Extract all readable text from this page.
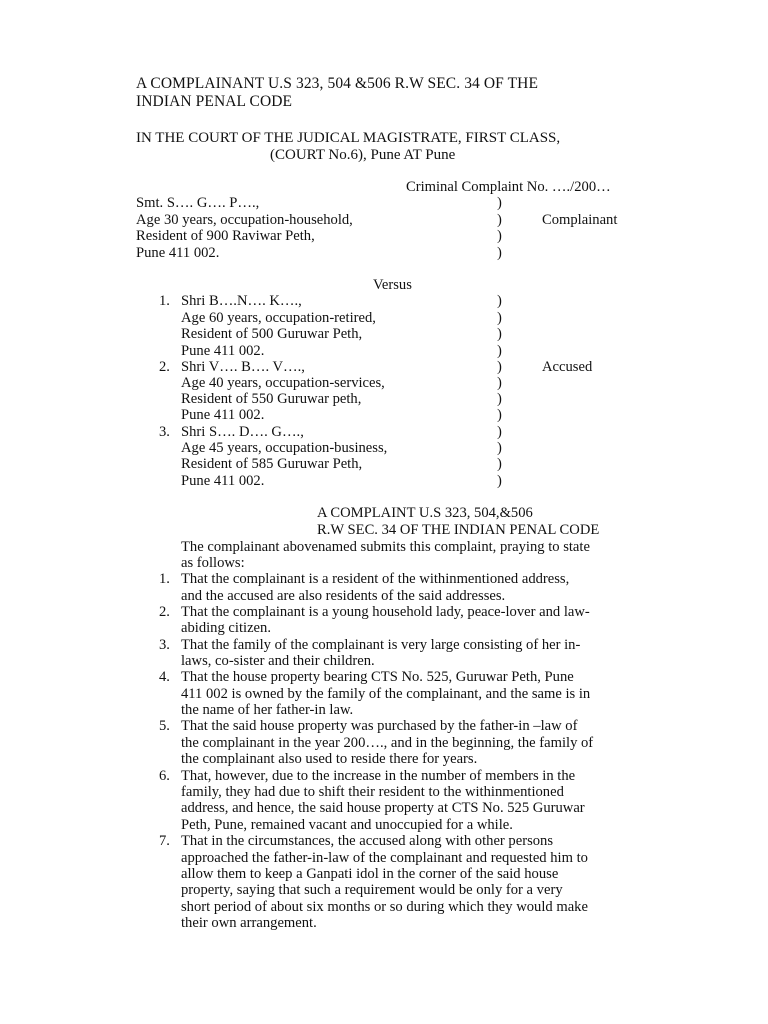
A COMPLAINANT U.S 323, 504 &506 R.W SEC. 34 OF THE
INDIAN PENAL CODE
IN THE COURT OF THE JUDICAL MAGISTRATE, FIRST CLASS,
(COURT No.6), Pune AT Pune
Criminal Complaint No. …./200…
Smt. S…. G…. P….,
Age 30 years, occupation-household,
Resident of 900 Raviwar Peth,
Pune 411 002.
)
)
)
)
Complainant
Versus
1. Shri B….N…. K….,
Age 60 years, occupation-retired,
Resident of 500 Guruwar Peth,
Pune 411 002.
2. Shri V…. B…. V….,
Age 40 years, occupation-services,
Resident of 550 Guruwar peth,
Pune 411 002.
3. Shri S…. D…. G….,
Age 45 years, occupation-business,
Resident of 585 Guruwar Peth,
Pune 411 002.
)
)
)
)
)
)
)
)
)
)
)
)
Accused
A COMPLAINT U.S 323, 504,&506
R.W SEC. 34 OF THE INDIAN PENAL CODE
The complainant abovenamed submits this complaint, praying to state
as follows:
1. That the complainant is a resident of the withinmentioned address,
and the accused are also residents of the said addresses.
2. That the complainant is a young household lady, peace-lover and law-
abiding citizen.
3. That the family of the complainant is very large consisting of her in-
laws, co-sister and their children.
4. That the house property bearing CTS No. 525, Guruwar Peth, Pune
411 002 is owned by the family of the complainant, and the same is in
the name of her father-in law.
5. That the said house property was purchased by the father-in –law of
the complainant in the year 200…., and in the beginning, the family of
the complainant also used to reside there for years.
6. That, however, due to the increase in the number of members in the
family, they had due to shift their resident to the withinmentioned
address, and hence, the said house property at CTS No. 525 Guruwar
Peth, Pune, remained vacant and unoccupied for a while.
7. That in the circumstances, the accused along with other persons
approached the father-in-law of the complainant and requested him to
allow them to keep a Ganpati idol in the corner of the said house
property, saying that such a requirement would be only for a very
short period of about six months or so during which they would make
their own arrangement.
